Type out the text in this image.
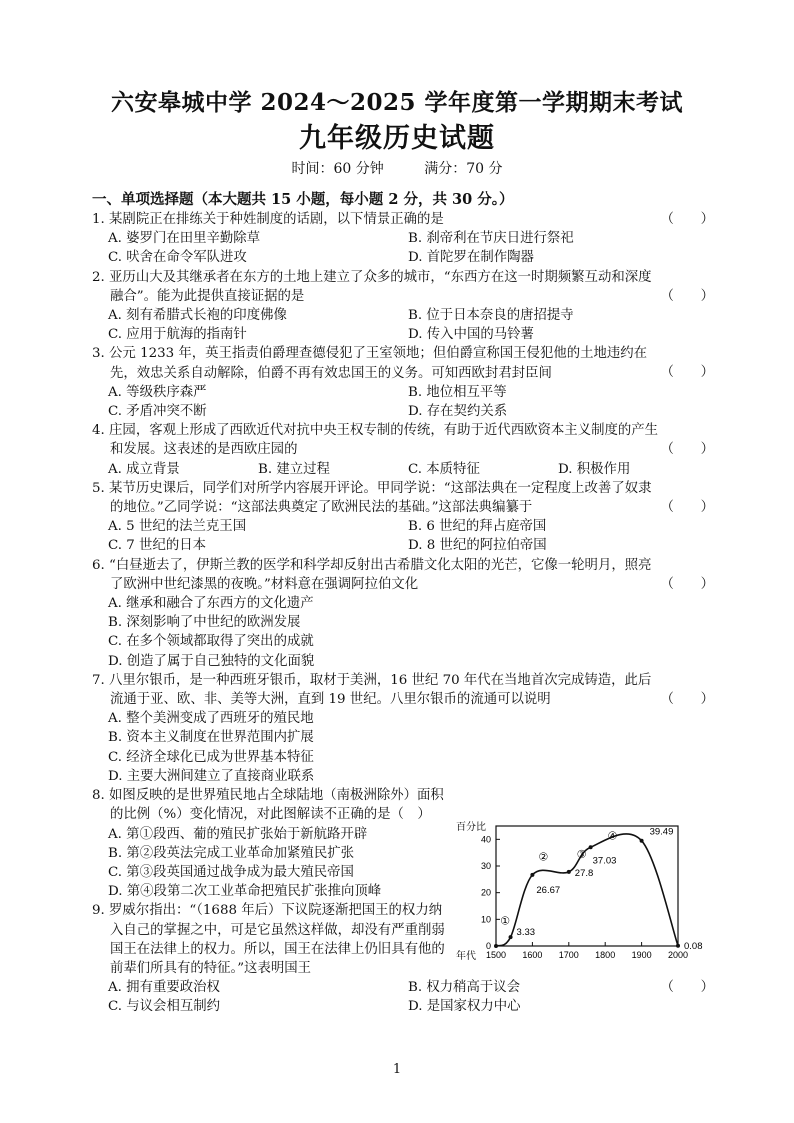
六安皋城中学 2024～2025 学年度第一学期期末考试
九年级历史试题
时间：60 分钟	满分：70 分
一、单项选择题（本大题共 15 小题，每小题 2 分，共 30 分。）
1. 某剧院正在排练关于种姓制度的话剧，以下情景正确的是	（　　）
A. 婆罗门在田里辛勤除草	B. 刹帝利在节庆日进行祭祀
C. 吠舍在命令军队进攻	D. 首陀罗在制作陶器
2. 亚历山大及其继承者在东方的土地上建立了众多的城市，“东西方在这一时期频繁互动和深度融合”。能为此提供直接证据的是	（　　）
A. 刻有希腊式长袍的印度佛像	B. 位于日本奈良的唐招提寺
C. 应用于航海的指南针	D. 传入中国的马铃薯
3. 公元 1233 年，英王指责伯爵理查德侵犯了王室领地；但伯爵宣称国王侵犯他的土地违约在先，效忠关系自动解除，伯爵不再有效忠国王的义务。可知西欧封君封臣间	（　　）
A. 等级秩序森严	B. 地位相互平等
C. 矛盾冲突不断	D. 存在契约关系
4. 庄园，客观上形成了西欧近代对抗中央王权专制的传统，有助于近代西欧资本主义制度的产生和发展。这表述的是西欧庄园的	（　　）
A. 成立背景	B. 建立过程	C. 本质特征	D. 积极作用
5. 某节历史课后，同学们对所学内容展开评论。甲同学说：“这部法典在一定程度上改善了奴隶的地位。”乙同学说：“这部法典奠定了欧洲民法的基础。”这部法典编纂于	（　　）
A. 5 世纪的法兰克王国	B. 6 世纪的拜占庭帝国
C. 7 世纪的日本	D. 8 世纪的阿拉伯帝国
6. “白昼逝去了，伊斯兰教的医学和科学却反射出古希腊文化太阳的光芒，它像一轮明月，照亮了欧洲中世纪漆黑的夜晚。”材料意在强调阿拉伯文化	（　　）
A. 继承和融合了东西方的文化遗产
B. 深刻影响了中世纪的欧洲发展
C. 在多个领域都取得了突出的成就
D. 创造了属于自己独特的文化面貌
7. 八里尔银币，是一种西班牙银币，取材于美洲，16 世纪 70 年代在当地首次完成铸造，此后流通于亚、欧、非、美等大洲，直到 19 世纪。八里尔银币的流通可以说明	（　　）
A. 整个美洲变成了西班牙的殖民地
B. 资本主义制度在世界范围内扩展
C. 经济全球化已成为世界基本特征
D. 主要大洲间建立了直接商业联系
8. 如图反映的是世界殖民地占全球陆地（南极洲除外）面积的比例（%）变化情况，对此图解读不正确的是（　）
A. 第①段西、葡的殖民扩张始于新航路开辟
B. 第②段英法完成工业革命加紧殖民扩张
C. 第③段英国通过战争成为最大殖民帝国
D. 第④段第二次工业革命把殖民扩张推向顶峰
9. 罗威尔指出：“（1688 年后）下议院逐渐把国王的权力纳入自己的掌握之中，可是它虽然这样做，却没有严重削弱国王在法律上的权力。所以，国王在法律上仍旧具有他的前辈们所具有的特征。”这表明国王
（　　）
A. 拥有重要政治权	B. 权力稍高于议会
C. 与议会相互制约	D. 是国家权力中心
0
10
20
30
40
1500 1600 1700 1800 1900 2000
百分比
年代
3.33
26.67
27.8
37.03
39.49
0.08
①
②	③
④
1
